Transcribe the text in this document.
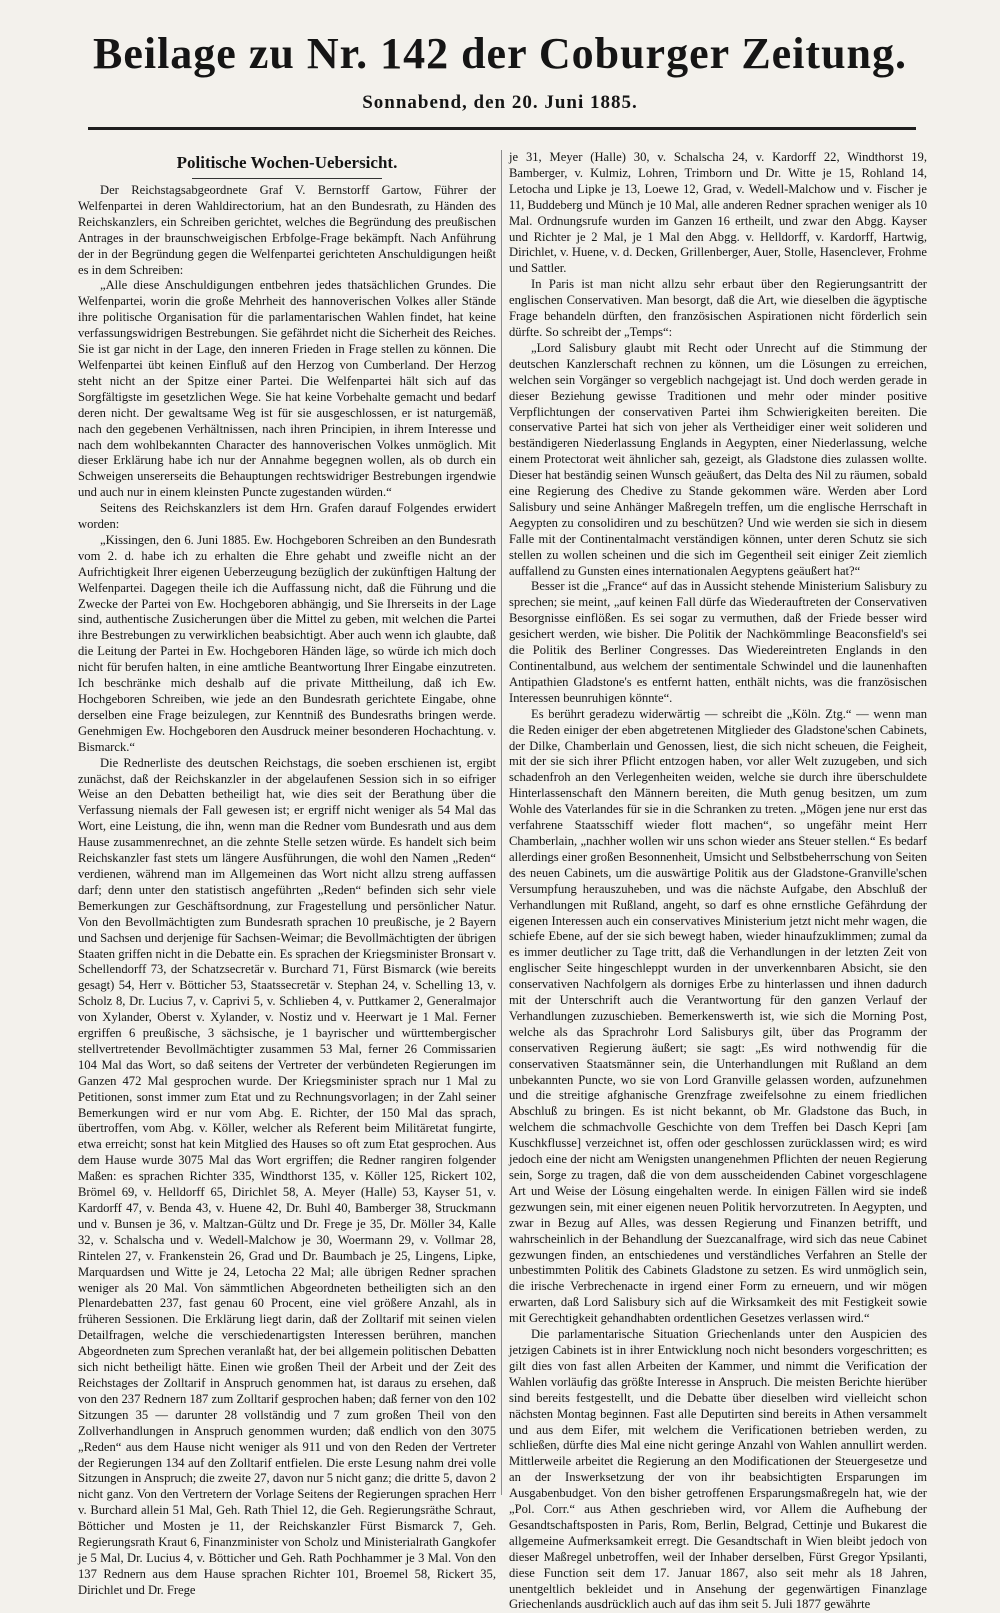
Beilage zu Nr. 142 der Coburger Zeitung.
Sonnabend, den 20. Juni 1885.
Politische Wochen-Uebersicht.

Der Reichstagsabgeordnete Graf V. Bernstorff Gartow, Führer der Welfenpartei in deren Wahldirectorium, hat an den Bundesrath, zu Händen des Reichskanzlers, ein Schreiben gerichtet, welches die Begründung des preußischen Antrages in der braunschweigischen Erbfolge-Frage bekämpft. Nach Anführung der in der Begründung gegen die Welfenpartei gerichteten Anschuldigungen heißt es in dem Schreiben:

„Alle diese Anschuldigungen entbehren jedes thatsächlichen Grundes. Die Welfenpartei, worin die große Mehrheit des hannoverischen Volkes aller Stände ihre politische Organisation für die parlamentarischen Wahlen findet, hat keine verfassungswidrigen Bestrebungen. Sie gefährdet nicht die Sicherheit des Reiches. Sie ist gar nicht in der Lage, den inneren Frieden in Frage stellen zu können. Die Welfenpartei übt keinen Einfluß auf den Herzog von Cumberland. Der Herzog steht nicht an der Spitze einer Partei. Die Welfenpartei hält sich auf das Sorgfältigste im gesetzlichen Wege. Sie hat keine Vorbehalte gemacht und bedarf deren nicht. Der gewaltsame Weg ist für sie ausgeschlossen, er ist naturgemäß, nach den gegebenen Verhältnissen, nach ihren Principien, in ihrem Interesse und nach dem wohlbekannten Character des hannoverischen Volkes unmöglich. Mit dieser Erklärung habe ich nur der Annahme begegnen wollen, als ob durch ein Schweigen unsererseits die Behauptungen rechtswidriger Bestrebungen irgendwie und auch nur in einem kleinsten Puncte zugestanden würden.“

Seitens des Reichskanzlers ist dem Hrn. Grafen darauf Folgendes erwidert worden:

„Kissingen, den 6. Juni 1885. Ew. Hochgeboren Schreiben an den Bundesrath vom 2. d. habe ich zu erhalten die Ehre gehabt und zweifle nicht an der Aufrichtigkeit Ihrer eigenen Ueberzeugung bezüglich der zukünftigen Haltung der Welfenpartei. Dagegen theile ich die Auffassung nicht, daß die Führung und die Zwecke der Partei von Ew. Hochgeboren abhängig, und Sie Ihrerseits in der Lage sind, authentische Zusicherungen über die Mittel zu geben, mit welchen die Partei ihre Bestrebungen zu verwirklichen beabsichtigt. Aber auch wenn ich glaubte, daß die Leitung der Partei in Ew. Hochgeboren Händen läge, so würde ich mich doch nicht für berufen halten, in eine amtliche Beantwortung Ihrer Eingabe einzutreten. Ich beschränke mich deshalb auf die private Mittheilung, daß ich Ew. Hochgeboren Schreiben, wie jede an den Bundesrath gerichtete Eingabe, ohne derselben eine Frage beizulegen, zur Kenntniß des Bundesraths bringen werde. Genehmigen Ew. Hochgeboren den Ausdruck meiner besonderen Hochachtung. v. Bismarck.“

Die Rednerliste des deutschen Reichstags, die soeben erschienen ist, ergibt zunächst, daß der Reichskanzler in der abgelaufenen Session sich in so eifriger Weise an den Debatten betheiligt hat, wie dies seit der Berathung über die Verfassung niemals der Fall gewesen ist; er ergriff nicht weniger als 54 Mal das Wort, eine Leistung, die ihn, wenn man die Redner vom Bundesrath und aus dem Hause zusammenrechnet, an die zehnte Stelle setzen würde. Es handelt sich beim Reichskanzler fast stets um längere Ausführungen, die wohl den Namen „Reden“ verdienen, während man im Allgemeinen das Wort nicht allzu streng auffassen darf; denn unter den statistisch angeführten „Reden“ befinden sich sehr viele Bemerkungen zur Geschäftsordnung, zur Fragestellung und persönlicher Natur. Von den Bevollmächtigten zum Bundesrath sprachen 10 preußische, je 2 Bayern und Sachsen und derjenige für Sachsen-Weimar; die Bevollmächtigten der übrigen Staaten griffen nicht in die Debatte ein. Es sprachen der Kriegsminister Bronsart v. Schellendorff 73, der Schatzsecretär v. Burchard 71, Fürst Bismarck (wie bereits gesagt) 54, Herr v. Bötticher 53, Staatssecretär v. Stephan 24, v. Schelling 13, v. Scholz 8, Dr. Lucius 7, v. Caprivi 5, v. Schlieben 4, v. Puttkamer 2, Generalmajor von Xylander, Oberst v. Xylander, v. Nostiz und v. Heerwart je 1 Mal. Ferner ergriffen 6 preußische, 3 sächsische, je 1 bayrischer und württembergischer stellvertretender Bevollmächtigter zusammen 53 Mal, ferner 26 Commissarien 104 Mal das Wort, so daß seitens der Vertreter der verbündeten Regierungen im Ganzen 472 Mal gesprochen wurde. Der Kriegsminister sprach nur 1 Mal zu Petitionen, sonst immer zum Etat und zu Rechnungsvorlagen; in der Zahl seiner Bemerkungen wird er nur vom Abg. E. Richter, der 150 Mal das sprach, übertroffen, vom Abg. v. Köller, welcher als Referent beim Militäretat fungirte, etwa erreicht; sonst hat kein Mitglied des Hauses so oft zum Etat gesprochen. Aus dem Hause wurde 3075 Mal das Wort ergriffen; die Redner rangiren folgender Maßen: es sprachen Richter 335, Windthorst 135, v. Köller 125, Rickert 102, Brömel 69, v. Helldorff 65, Dirichlet 58, A. Meyer (Halle) 53, Kayser 51, v. Kardorff 47, v. Benda 43, v. Huene 42, Dr. Buhl 40, Bamberger 38, Struckmann und v. Bunsen je 36, v. Maltzan-Gültz und Dr. Frege je 35, Dr. Möller 34, Kalle 32, v. Schalscha und v. Wedell-Malchow je 30, Woermann 29, v. Vollmar 28, Rintelen 27, v. Frankenstein 26, Grad und Dr. Baumbach je 25, Lingens, Lipke, Marquardsen und Witte je 24, Letocha 22 Mal; alle übrigen Redner sprachen weniger als 20 Mal. Von sämmtlichen Abgeordneten betheiligten sich an den Plenardebatten 237, fast genau 60 Procent, eine viel größere Anzahl, als in früheren Sessionen. Die Erklärung liegt darin, daß der Zolltarif mit seinen vielen Detailfragen, welche die verschiedenartigsten Interessen berühren, manchen Abgeordneten zum Sprechen veranlaßt hat, der bei allgemein politischen Debatten sich nicht betheiligt hätte. Einen wie großen Theil der Arbeit und der Zeit des Reichstages der Zolltarif in Anspruch genommen hat, ist daraus zu ersehen, daß von den 237 Rednern 187 zum Zolltarif gesprochen haben; daß ferner von den 102 Sitzungen 35 — darunter 28 vollständig und 7 zum großen Theil von den Zollverhandlungen in Anspruch genommen wurden; daß endlich von den 3075 „Reden“ aus dem Hause nicht weniger als 911 und von den Reden der Vertreter der Regierungen 134 auf den Zolltarif entfielen. Die erste Lesung nahm drei volle Sitzungen in Anspruch; die zweite 27, davon nur 5 nicht ganz; die dritte 5, davon 2 nicht ganz. Von den Vertretern der Vorlage Seitens der Regierungen sprachen Herr v. Burchard allein 51 Mal, Geh. Rath Thiel 12, die Geh. Regierungsräthe Schraut, Bötticher und Mosten je 11, der Reichskanzler Fürst Bismarck 7, Geh. Regierungsrath Kraut 6, Finanzminister von Scholz und Ministerialrath Gangkofer je 5 Mal, Dr. Lucius 4, v. Bötticher und Geh. Rath Pochhammer je 3 Mal. Von den 137 Rednern aus dem Hause sprachen Richter 101, Broemel 58, Rickert 35, Dirichlet und Dr. Frege

je 31, Meyer (Halle) 30, v. Schalscha 24, v. Kardorff 22, Windthorst 19, Bamberger, v. Kulmiz, Lohren, Trimborn und Dr. Witte je 15, Rohland 14, Letocha und Lipke je 13, Loewe 12, Grad, v. Wedell-Malchow und v. Fischer je 11, Buddeberg und Münch je 10 Mal, alle anderen Redner sprachen weniger als 10 Mal. Ordnungsrufe wurden im Ganzen 16 ertheilt, und zwar den Abgg. Kayser und Richter je 2 Mal, je 1 Mal den Abgg. v. Helldorff, v. Kardorff, Hartwig, Dirichlet, v. Huene, v. d. Decken, Grillenberger, Auer, Stolle, Hasenclever, Frohme und Sattler.

In Paris ist man nicht allzu sehr erbaut über den Regierungsantritt der englischen Conservativen. Man besorgt, daß die Art, wie dieselben die ägyptische Frage behandeln dürften, den französischen Aspirationen nicht förderlich sein dürfte. So schreibt der „Temps“:

„Lord Salisbury glaubt mit Recht oder Unrecht auf die Stimmung der deutschen Kanzlerschaft rechnen zu können, um die Lösungen zu erreichen, welchen sein Vorgänger so vergeblich nachgejagt ist. Und doch werden gerade in dieser Beziehung gewisse Traditionen und mehr oder minder positive Verpflichtungen der conservativen Partei ihm Schwierigkeiten bereiten. Die conservative Partei hat sich von jeher als Vertheidiger einer weit solideren und beständigeren Niederlassung Englands in Aegypten, einer Niederlassung, welche einem Protectorat weit ähnlicher sah, gezeigt, als Gladstone dies zulassen wollte. Dieser hat beständig seinen Wunsch geäußert, das Delta des Nil zu räumen, sobald eine Regierung des Chedive zu Stande gekommen wäre. Werden aber Lord Salisbury und seine Anhänger Maßregeln treffen, um die englische Herrschaft in Aegypten zu consolidiren und zu beschützen? Und wie werden sie sich in diesem Falle mit der Continentalmacht verständigen können, unter deren Schutz sie sich stellen zu wollen scheinen und die sich im Gegentheil seit einiger Zeit ziemlich auffallend zu Gunsten eines internationalen Aegyptens geäußert hat?“

Besser ist die „France“ auf das in Aussicht stehende Ministerium Salisbury zu sprechen; sie meint, „auf keinen Fall dürfe das Wiederauftreten der Conservativen Besorgnisse einflößen. Es sei sogar zu vermuthen, daß der Friede besser wird gesichert werden, wie bisher. Die Politik der Nachkömmlinge Beaconsfield's sei die Politik des Berliner Congresses. Das Wiedereintreten Englands in den Continentalbund, aus welchem der sentimentale Schwindel und die launenhaften Antipathien Gladstone's es entfernt hatten, enthält nichts, was die französischen Interessen beunruhigen könnte“.

Es berührt geradezu widerwärtig — schreibt die „Köln. Ztg.“ — wenn man die Reden einiger der eben abgetretenen Mitglieder des Gladstone'schen Cabinets, der Dilke, Chamberlain und Genossen, liest, die sich nicht scheuen, die Feigheit, mit der sie sich ihrer Pflicht entzogen haben, vor aller Welt zuzugeben, und sich schadenfroh an den Verlegenheiten weiden, welche sie durch ihre überschuldete Hinterlassenschaft den Männern bereiten, die Muth genug besitzen, um zum Wohle des Vaterlandes für sie in die Schranken zu treten. „Mögen jene nur erst das verfahrene Staatsschiff wieder flott machen“, so ungefähr meint Herr Chamberlain, „nachher wollen wir uns schon wieder ans Steuer stellen.“ Es bedarf allerdings einer großen Besonnenheit, Umsicht und Selbstbeherrschung von Seiten des neuen Cabinets, um die auswärtige Politik aus der Gladstone-Granville'schen Versumpfung herauszuheben, und was die nächste Aufgabe, den Abschluß der Verhandlungen mit Rußland, angeht, so darf es ohne ernstliche Gefährdung der eigenen Interessen auch ein conservatives Ministerium jetzt nicht mehr wagen, die schiefe Ebene, auf der sie sich bewegt haben, wieder hinaufzuklimmen; zumal da es immer deutlicher zu Tage tritt, daß die Verhandlungen in der letzten Zeit von englischer Seite hingeschleppt wurden in der unverkennbaren Absicht, sie den conservativen Nachfolgern als dorniges Erbe zu hinterlassen und ihnen dadurch mit der Unterschrift auch die Verantwortung für den ganzen Verlauf der Verhandlungen zuzuschieben. Bemerkenswerth ist, wie sich die Morning Post, welche als das Sprachrohr Lord Salisburys gilt, über das Programm der conservativen Regierung äußert; sie sagt: „Es wird nothwendig für die conservativen Staatsmänner sein, die Unterhandlungen mit Rußland an dem unbekannten Puncte, wo sie von Lord Granville gelassen worden, aufzunehmen und die streitige afghanische Grenzfrage zweifelsohne zu einem friedlichen Abschluß zu bringen. Es ist nicht bekannt, ob Mr. Gladstone das Buch, in welchem die schmachvolle Geschichte von dem Treffen bei Dasch Kepri [am Kuschkflusse] verzeichnet ist, offen oder geschlossen zurücklassen wird; es wird jedoch eine der nicht am Wenigsten unangenehmen Pflichten der neuen Regierung sein, Sorge zu tragen, daß die von dem ausscheidenden Cabinet vorgeschlagene Art und Weise der Lösung eingehalten werde. In einigen Fällen wird sie indeß gezwungen sein, mit einer eigenen neuen Politik hervorzutreten. In Aegypten, und zwar in Bezug auf Alles, was dessen Regierung und Finanzen betrifft, und wahrscheinlich in der Behandlung der Suezcanalfrage, wird sich das neue Cabinet gezwungen finden, an entschiedenes und verständliches Verfahren an Stelle der unbestimmten Politik des Cabinets Gladstone zu setzen. Es wird unmöglich sein, die irische Verbrechenacte in irgend einer Form zu erneuern, und wir mögen erwarten, daß Lord Salisbury sich auf die Wirksamkeit des mit Festigkeit sowie mit Gerechtigkeit gehandhabten ordentlichen Gesetzes verlassen wird.“

Die parlamentarische Situation Griechenlands unter den Auspicien des jetzigen Cabinets ist in ihrer Entwicklung noch nicht besonders vorgeschritten; es gilt dies von fast allen Arbeiten der Kammer, und nimmt die Verification der Wahlen vorläufig das größte Interesse in Anspruch. Die meisten Berichte hierüber sind bereits festgestellt, und die Debatte über dieselben wird vielleicht schon nächsten Montag beginnen. Fast alle Deputirten sind bereits in Athen versammelt und aus dem Eifer, mit welchem die Verificationen betrieben werden, zu schließen, dürfte dies Mal eine nicht geringe Anzahl von Wahlen annullirt werden. Mittlerweile arbeitet die Regierung an den Modificationen der Steuergesetze und an der Inswerksetzung der von ihr beabsichtigten Ersparungen im Ausgabenbudget. Von den bisher getroffenen Ersparungsmaßregeln hat, wie der „Pol. Corr.“ aus Athen geschrieben wird, vor Allem die Aufhebung der Gesandtschaftsposten in Paris, Rom, Berlin, Belgrad, Cettinje und Bukarest die allgemeine Aufmerksamkeit erregt. Die Gesandtschaft in Wien bleibt jedoch von dieser Maßregel unbetroffen, weil der Inhaber derselben, Fürst Gregor Ypsilanti, diese Function seit dem 17. Januar 1867, also seit mehr als 18 Jahren, unentgeltlich bekleidet und in Ansehung der gegenwärtigen Finanzlage Griechenlands ausdrücklich auch auf das ihm seit 5. Juli 1877 gewährte
